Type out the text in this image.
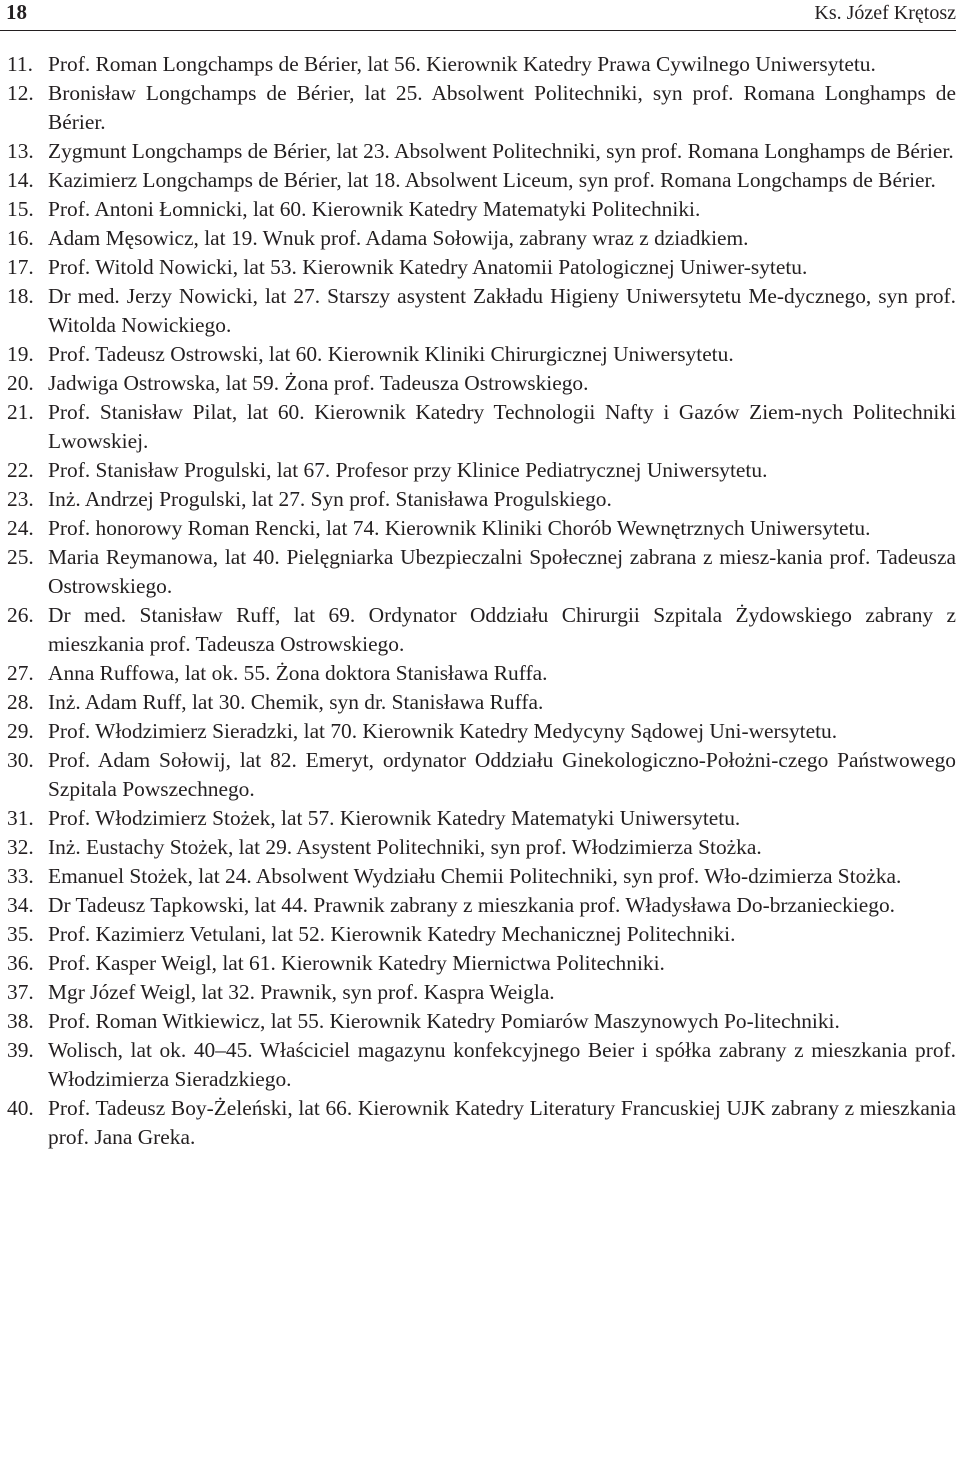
18	Ks. Józef Krętosz
11. Prof. Roman Longchamps de Bérier, lat 56. Kierownik Katedry Prawa Cywilnego Uniwersytetu.
12. Bronisław Longchamps de Bérier, lat 25. Absolwent Politechniki, syn prof. Romana Longhamps de Bérier.
13. Zygmunt Longchamps de Bérier, lat 23. Absolwent Politechniki, syn prof. Romana Longhamps de Bérier.
14. Kazimierz Longchamps de Bérier, lat 18. Absolwent Liceum, syn prof. Romana Longchamps de Bérier.
15. Prof. Antoni Łomnicki, lat 60. Kierownik Katedry Matematyki Politechniki.
16. Adam Męsowicz, lat 19. Wnuk prof. Adama Sołowija, zabrany wraz z dziadkiem.
17. Prof. Witold Nowicki, lat 53. Kierownik Katedry Anatomii Patologicznej Uniwer-sytetu.
18. Dr med. Jerzy Nowicki, lat 27. Starszy asystent Zakładu Higieny Uniwersytetu Me-dycznego, syn prof. Witolda Nowickiego.
19. Prof. Tadeusz Ostrowski, lat 60. Kierownik Kliniki Chirurgicznej Uniwersytetu.
20. Jadwiga Ostrowska, lat 59. Żona prof. Tadeusza Ostrowskiego.
21. Prof. Stanisław Pilat, lat 60. Kierownik Katedry Technologii Nafty i Gazów Ziem-nych Politechniki Lwowskiej.
22. Prof. Stanisław Progulski, lat 67. Profesor przy Klinice Pediatrycznej Uniwersytetu.
23. Inż. Andrzej Progulski, lat 27. Syn prof. Stanisława Progulskiego.
24. Prof. honorowy Roman Rencki, lat 74. Kierownik Kliniki Chorób Wewnętrznych Uniwersytetu.
25. Maria Reymanowa, lat 40. Pielęgniarka Ubezpieczalni Społecznej zabrana z miesz-kania prof. Tadeusza Ostrowskiego.
26. Dr med. Stanisław Ruff, lat 69. Ordynator Oddziału Chirurgii Szpitala Żydowskiego zabrany z mieszkania prof. Tadeusza Ostrowskiego.
27. Anna Ruffowa, lat ok. 55. Żona doktora Stanisława Ruffa.
28. Inż. Adam Ruff, lat 30. Chemik, syn dr. Stanisława Ruffa.
29. Prof. Włodzimierz Sieradzki, lat 70. Kierownik Katedry Medycyny Sądowej Uni-wersytetu.
30. Prof. Adam Sołowij, lat 82. Emeryt, ordynator Oddziału Ginekologiczno-Położni-czego Państwowego Szpitala Powszechnego.
31. Prof. Włodzimierz Stożek, lat 57. Kierownik Katedry Matematyki Uniwersytetu.
32. Inż. Eustachy Stożek, lat 29. Asystent Politechniki, syn prof. Włodzimierza Stożka.
33. Emanuel Stożek, lat 24. Absolwent Wydziału Chemii Politechniki, syn prof. Wło-dzimierza Stożka.
34. Dr Tadeusz Tapkowski, lat 44. Prawnik zabrany z mieszkania prof. Władysława Do-brzanieckiego.
35. Prof. Kazimierz Vetulani, lat 52. Kierownik Katedry Mechanicznej Politechniki.
36. Prof. Kasper Weigl, lat 61. Kierownik Katedry Miernictwa Politechniki.
37. Mgr Józef Weigl, lat 32. Prawnik, syn prof. Kaspra Weigla.
38. Prof. Roman Witkiewicz, lat 55. Kierownik Katedry Pomiarów Maszynowych Po-litechniki.
39. Wolisch, lat ok. 40–45. Właściciel magazynu konfekcyjnego Beier i spółka zabrany z mieszkania prof. Włodzimierza Sieradzkiego.
40. Prof. Tadeusz Boy-Żeleński, lat 66. Kierownik Katedry Literatury Francuskiej UJK zabrany z mieszkania prof. Jana Greka.
